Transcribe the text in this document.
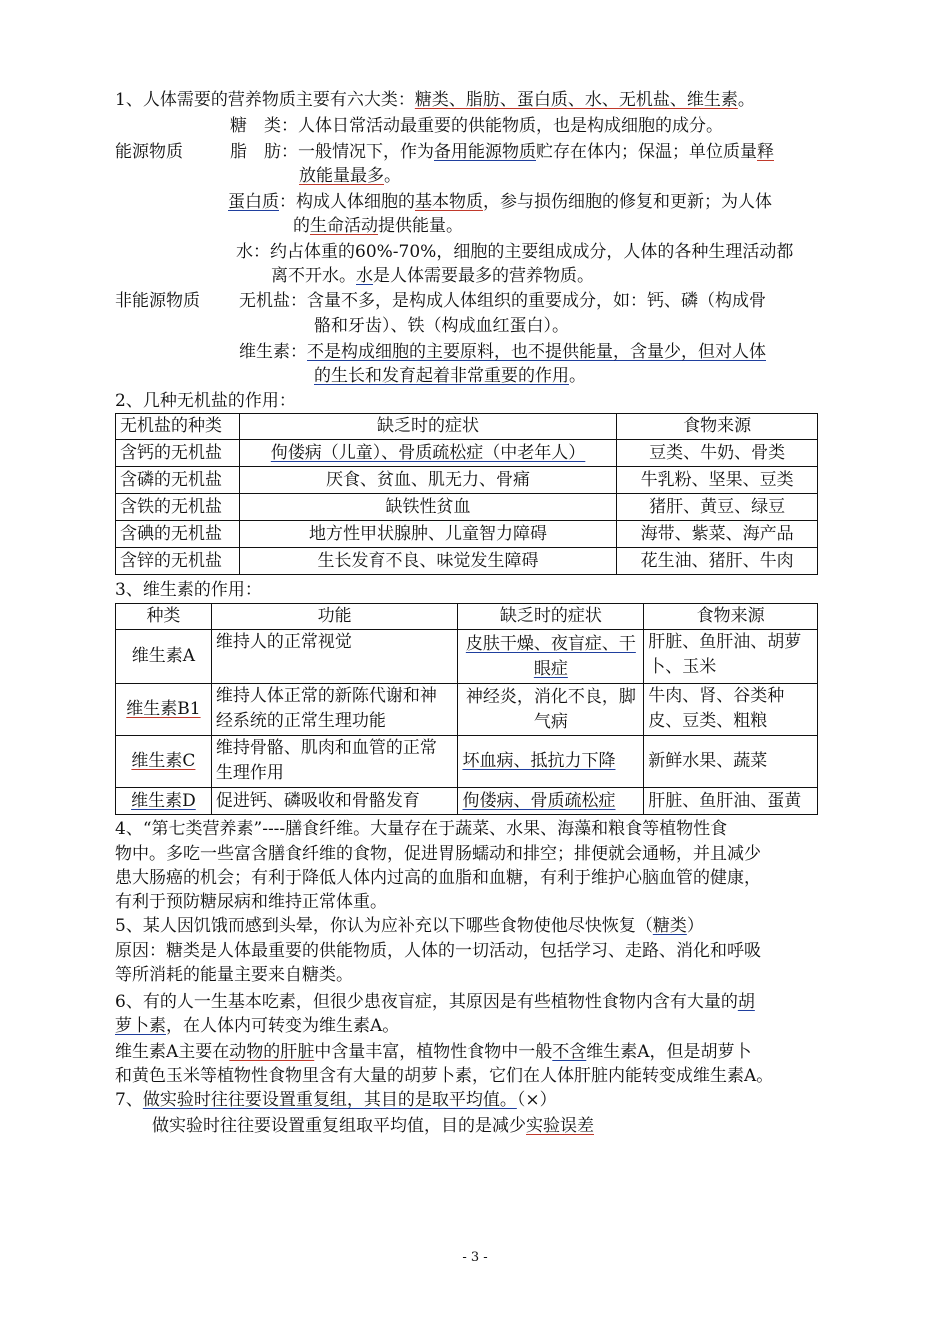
1、人体需要的营养物质主要有六大类：糖类、脂肪、蛋白质、水、无机盐、维生素。
糖　类：人体日常活动最重要的供能物质，也是构成细胞的成分。
能源物质	脂　肪：一般情况下，作为备用能源物质贮存在体内；保温；单位质量释
放能量最多。
蛋白质：构成人体细胞的基本物质，参与损伤细胞的修复和更新；为人体
的生命活动提供能量。
水：约占体重的60%-70%，细胞的主要组成成分，人体的各种生理活动都
离不开水。水是人体需要最多的营养物质。
非能源物质 无机盐：含量不多，是构成人体组织的重要成分，如：钙、磷（构成骨
骼和牙齿）、铁（构成血红蛋白）。
维生素：不是构成细胞的主要原料，也不提供能量，含量少，但对人体
的生长和发育起着非常重要的作用。
2、几种无机盐的作用：
无机盐的种类	缺乏时的症状	食物来源
含钙的无机盐	佝偻病（儿童）、骨质疏松症（中老年人）	豆类、牛奶、骨类
含磷的无机盐	厌食、贫血、肌无力、骨痛	牛乳粉、坚果、豆类
含铁的无机盐	缺铁性贫血	猪肝、黄豆、绿豆
含碘的无机盐	地方性甲状腺肿、儿童智力障碍	海带、紫菜、海产品
含锌的无机盐	生长发育不良、味觉发生障碍	花生油、猪肝、牛肉
3、维生素的作用：
种类	功能	缺乏时的症状	食物来源
维生素A	维持人的正常视觉	皮肤干燥、夜盲症、干眼症	肝脏、鱼肝油、胡萝卜、玉米
维生素B1	维持人体正常的新陈代谢和神经系统的正常生理功能	神经炎，消化不良，脚气病	牛肉、肾、谷类种皮、豆类、粗粮
维生素C	维持骨骼、肌肉和血管的正常生理作用	坏血病、抵抗力下降	新鲜水果、蔬菜
维生素D	促进钙、磷吸收和骨骼发育	佝偻病、骨质疏松症	肝脏、鱼肝油、蛋黄
4、“第七类营养素”----膳食纤维。大量存在于蔬菜、水果、海藻和粮食等植物性食
物中。多吃一些富含膳食纤维的食物，促进胃肠蠕动和排空；排便就会通畅，并且减少
患大肠癌的机会；有利于降低人体内过高的血脂和血糖，有利于维护心脑血管的健康，
有利于预防糖尿病和维持正常体重。
5、某人因饥饿而感到头晕，你认为应补充以下哪些食物使他尽快恢复（糖类）
原因：糖类是人体最重要的供能物质，人体的一切活动，包括学习、走路、消化和呼吸
等所消耗的能量主要来自糖类。
6、有的人一生基本吃素，但很少患夜盲症，其原因是有些植物性食物内含有大量的胡
萝卜素，在人体内可转变为维生素A。
维生素A主要在动物的肝脏中含量丰富，植物性食物中一般不含维生素A，但是胡萝卜
和黄色玉米等植物性食物里含有大量的胡萝卜素，它们在人体肝脏内能转变成维生素A。
7、做实验时往往要设置重复组，其目的是取平均值。（×）
做实验时往往要设置重复组取平均值，目的是减少实验误差
- 3 -
